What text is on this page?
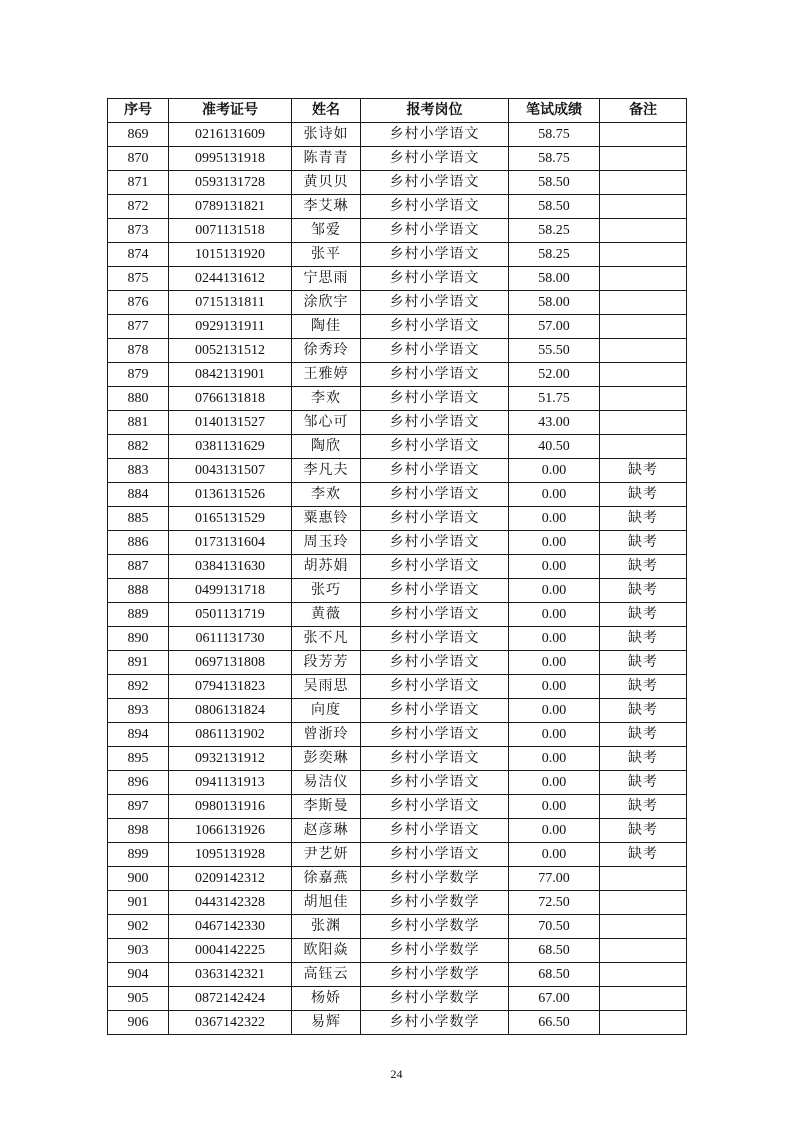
序号	准考证号	姓名	报考岗位	笔试成绩	备注
869	0216131609	张诗如	乡村小学语文	58.75	
870	0995131918	陈青青	乡村小学语文	58.75	
871	0593131728	黄贝贝	乡村小学语文	58.50	
872	0789131821	李艾琳	乡村小学语文	58.50	
873	0071131518	邹爱	乡村小学语文	58.25	
874	1015131920	张平	乡村小学语文	58.25	
875	0244131612	宁思雨	乡村小学语文	58.00	
876	0715131811	涂欣宇	乡村小学语文	58.00	
877	0929131911	陶佳	乡村小学语文	57.00	
878	0052131512	徐秀玲	乡村小学语文	55.50	
879	0842131901	王雅婷	乡村小学语文	52.00	
880	0766131818	李欢	乡村小学语文	51.75	
881	0140131527	邹心可	乡村小学语文	43.00	
882	0381131629	陶欣	乡村小学语文	40.50	
883	0043131507	李凡夫	乡村小学语文	0.00	缺考
884	0136131526	李欢	乡村小学语文	0.00	缺考
885	0165131529	粟惠铃	乡村小学语文	0.00	缺考
886	0173131604	周玉玲	乡村小学语文	0.00	缺考
887	0384131630	胡苏娟	乡村小学语文	0.00	缺考
888	0499131718	张巧	乡村小学语文	0.00	缺考
889	0501131719	黄薇	乡村小学语文	0.00	缺考
890	0611131730	张不凡	乡村小学语文	0.00	缺考
891	0697131808	段芳芳	乡村小学语文	0.00	缺考
892	0794131823	吴雨思	乡村小学语文	0.00	缺考
893	0806131824	向度	乡村小学语文	0.00	缺考
894	0861131902	曾浙玲	乡村小学语文	0.00	缺考
895	0932131912	彭奕琳	乡村小学语文	0.00	缺考
896	0941131913	易洁仪	乡村小学语文	0.00	缺考
897	0980131916	李斯曼	乡村小学语文	0.00	缺考
898	1066131926	赵彦琳	乡村小学语文	0.00	缺考
899	1095131928	尹艺妍	乡村小学语文	0.00	缺考
900	0209142312	徐嘉燕	乡村小学数学	77.00	
901	0443142328	胡旭佳	乡村小学数学	72.50	
902	0467142330	张渊	乡村小学数学	70.50	
903	0004142225	欧阳焱	乡村小学数学	68.50	
904	0363142321	高钰云	乡村小学数学	68.50	
905	0872142424	杨娇	乡村小学数学	67.00	
906	0367142322	易辉	乡村小学数学	66.50	
24
